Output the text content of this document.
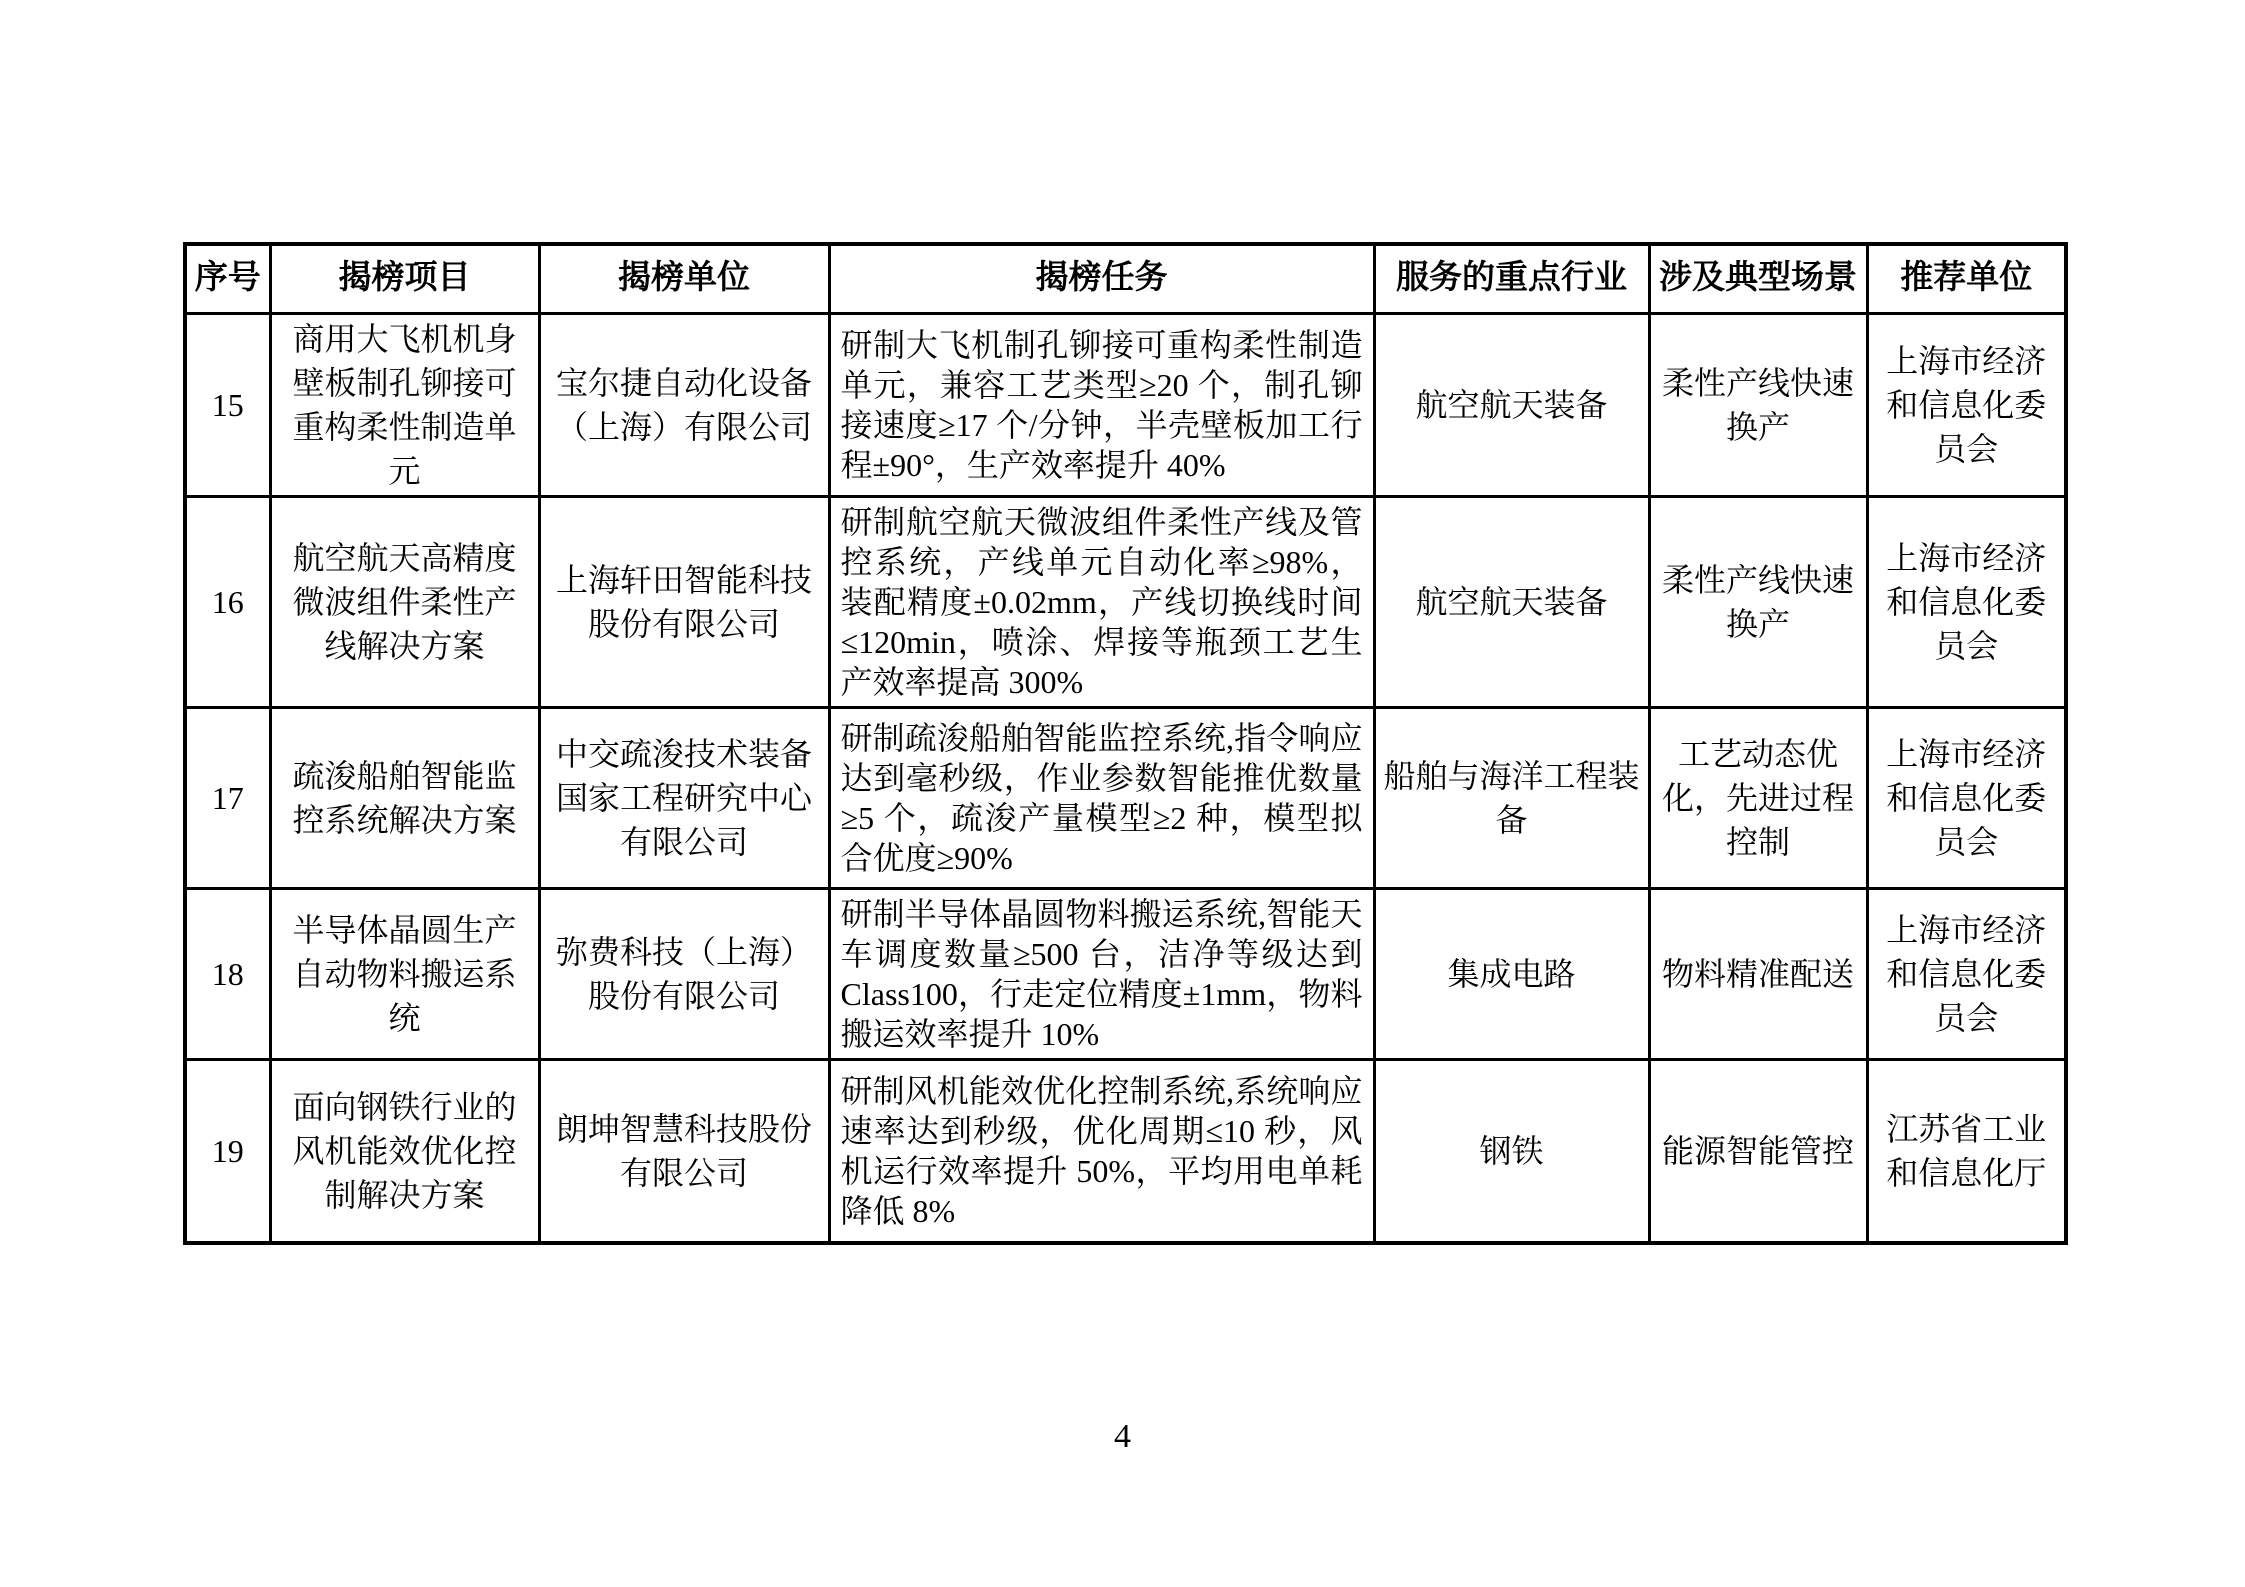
序号	揭榜项目	揭榜单位	揭榜任务	服务的重点行业	涉及典型场景	推荐单位
15	商用大飞机机身壁板制孔铆接可重构柔性制造单元	宝尔捷自动化设备（上海）有限公司	研制大飞机制孔铆接可重构柔性制造单元，兼容工艺类型≥20 个，制孔铆接速度≥17 个/分钟，半壳壁板加工行程±90°，生产效率提升 40%	航空航天装备	柔性产线快速换产	上海市经济和信息化委员会
16	航空航天高精度微波组件柔性产线解决方案	上海轩田智能科技股份有限公司	研制航空航天微波组件柔性产线及管控系统，产线单元自动化率≥98%，装配精度±0.02mm，产线切换线时间≤120min，喷涂、焊接等瓶颈工艺生产效率提高 300%	航空航天装备	柔性产线快速换产	上海市经济和信息化委员会
17	疏浚船舶智能监控系统解决方案	中交疏浚技术装备国家工程研究中心有限公司	研制疏浚船舶智能监控系统,指令响应达到毫秒级，作业参数智能推优数量≥5 个，疏浚产量模型≥2 种，模型拟合优度≥90%	船舶与海洋工程装备	工艺动态优化，先进过程控制	上海市经济和信息化委员会
18	半导体晶圆生产自动物料搬运系统	弥费科技（上海）股份有限公司	研制半导体晶圆物料搬运系统,智能天车调度数量≥500 台，洁净等级达到 Class100，行走定位精度±1mm，物料搬运效率提升 10%	集成电路	物料精准配送	上海市经济和信息化委员会
19	面向钢铁行业的风机能效优化控制解决方案	朗坤智慧科技股份有限公司	研制风机能效优化控制系统,系统响应速率达到秒级，优化周期≤10 秒，风机运行效率提升 50%，平均用电单耗降低 8%	钢铁	能源智能管控	江苏省工业和信息化厅
4
